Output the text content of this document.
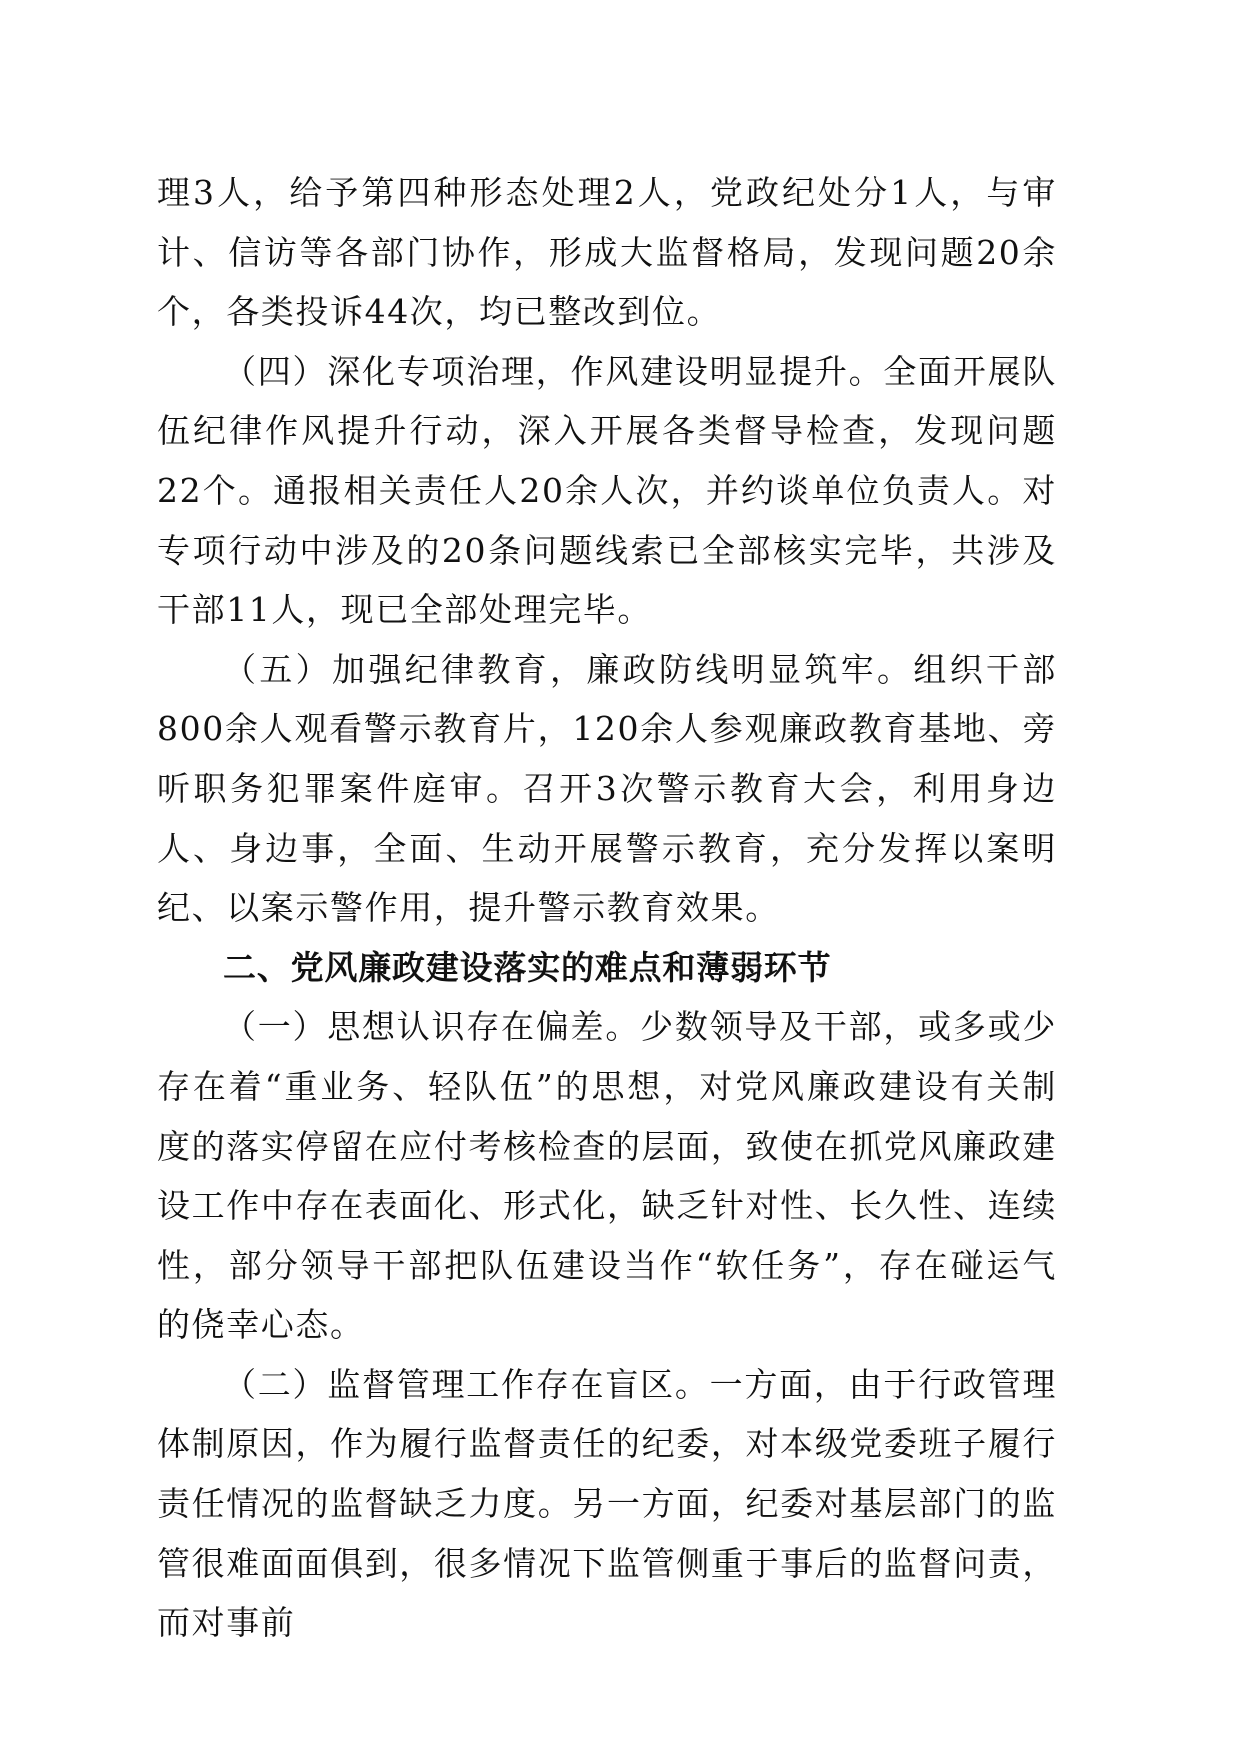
理3人，给予第四种形态处理2人，党政纪处分1人，与审计、信访等各部门协作，形成大监督格局，发现问题20余个，各类投诉44次，均已整改到位。

（四）深化专项治理，作风建设明显提升。全面开展队伍纪律作风提升行动，深入开展各类督导检查，发现问题22个。通报相关责任人20余人次，并约谈单位负责人。对专项行动中涉及的20条问题线索已全部核实完毕，共涉及干部11人，现已全部处理完毕。

（五）加强纪律教育，廉政防线明显筑牢。组织干部800余人观看警示教育片，120余人参观廉政教育基地、旁听职务犯罪案件庭审。召开3次警示教育大会，利用身边人、身边事，全面、生动开展警示教育，充分发挥以案明纪、以案示警作用，提升警示教育效果。

二、党风廉政建设落实的难点和薄弱环节

（一）思想认识存在偏差。少数领导及干部，或多或少存在着“重业务、轻队伍”的思想，对党风廉政建设有关制度的落实停留在应付考核检查的层面，致使在抓党风廉政建设工作中存在表面化、形式化，缺乏针对性、长久性、连续性，部分领导干部把队伍建设当作“软任务”，存在碰运气的侥幸心态。

（二）监督管理工作存在盲区。一方面，由于行政管理体制原因，作为履行监督责任的纪委，对本级党委班子履行责任情况的监督缺乏力度。另一方面，纪委对基层部门的监管很难面面俱到，很多情况下监管侧重于事后的监督问责，而对事前
